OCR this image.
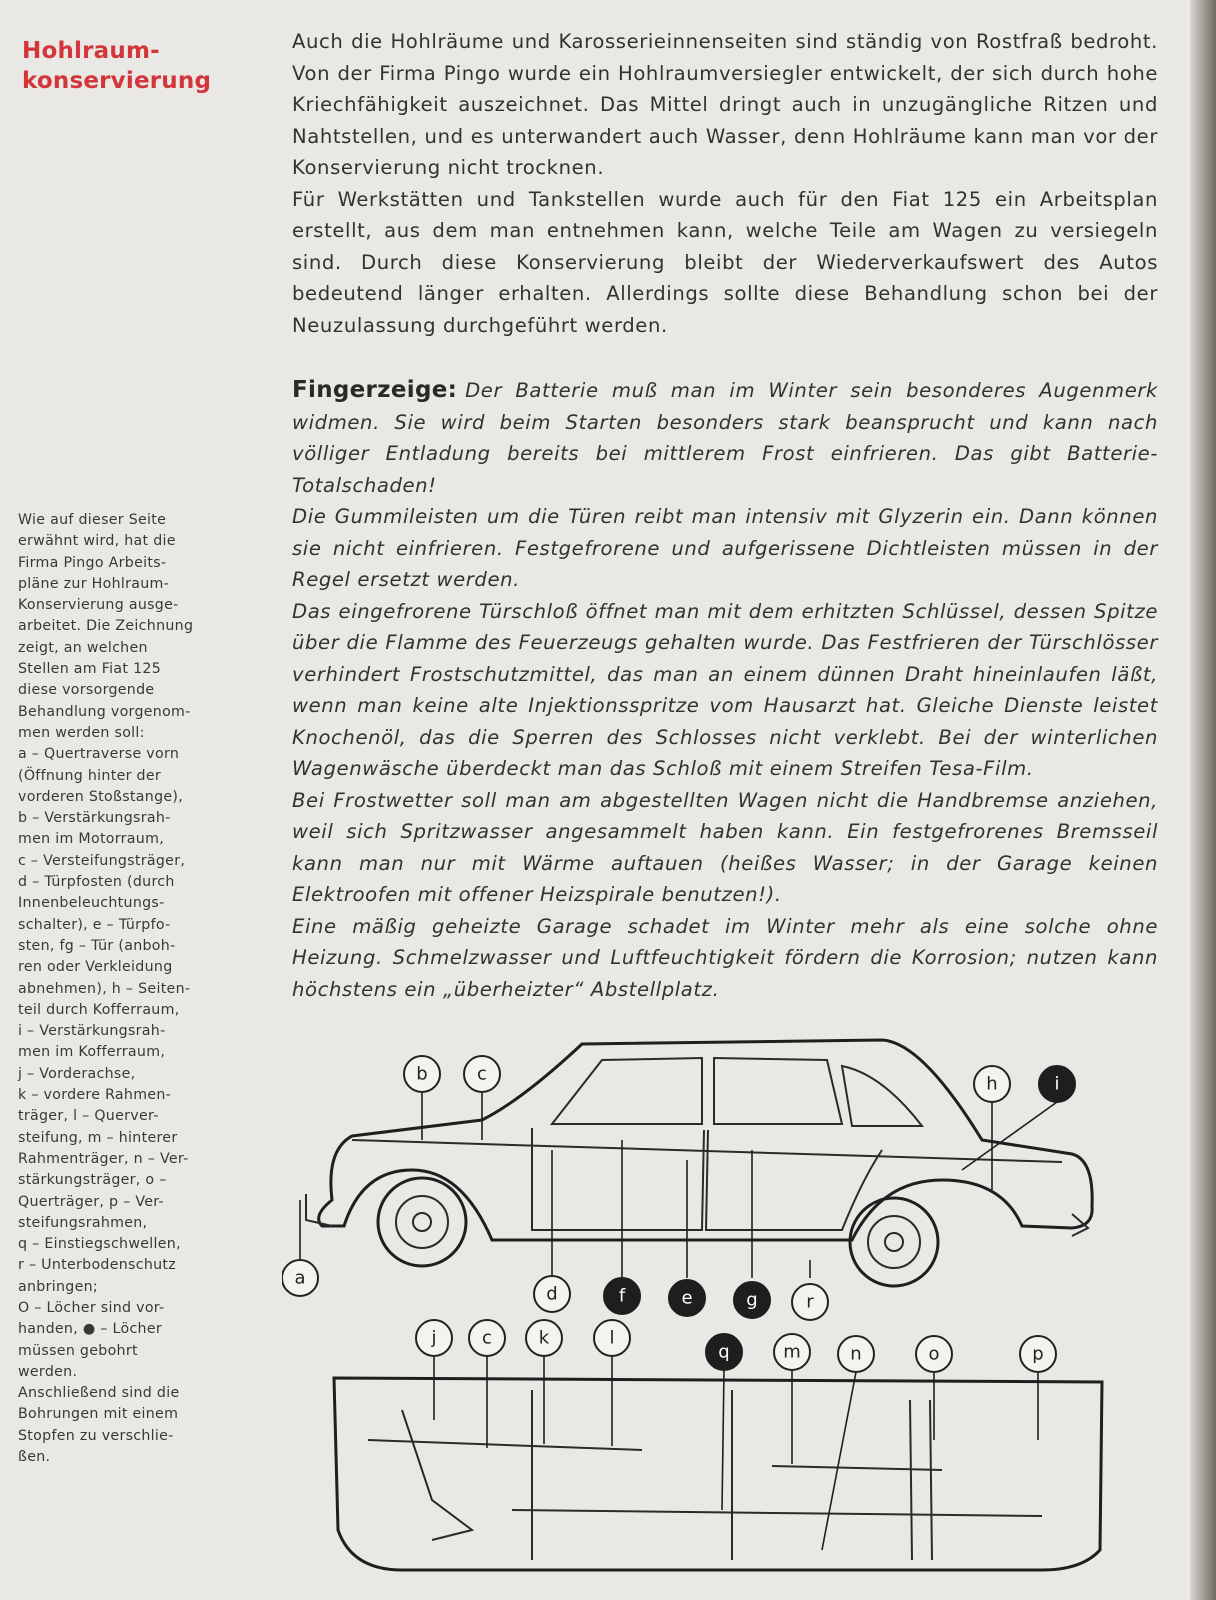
Hohlraum-
konservierung

Wie auf dieser Seite
erwähnt wird, hat die
Firma Pingo Arbeits-
pläne zur Hohlraum-
Konservierung ausge-
arbeitet. Die Zeichnung
zeigt, an welchen
Stellen am Fiat 125
diese vorsorgende
Behandlung vorgenom-
men werden soll:
a – Quertraverse vorn
(Öffnung hinter der
vorderen Stoßstange),
b – Verstärkungsrah-
men im Motorraum,
c – Versteifungsträger,
d – Türpfosten (durch
Innenbeleuchtungs-
schalter), e – Türpfo-
sten, fg – Tür (anboh-
ren oder Verkleidung
abnehmen), h – Seiten-
teil durch Kofferraum,
i – Verstärkungsrah-
men im Kofferraum,
j – Vorderachse,
k – vordere Rahmen-
träger, l – Querver-
steifung, m – hinterer
Rahmenträger, n – Ver-
stärkungsträger, o –
Querträger, p – Ver-
steifungsrahmen,
q – Einstiegschwellen,
r – Unterbodenschutz
anbringen;
O – Löcher sind vor-
handen, ● – Löcher
müssen gebohrt
werden.
Anschließend sind die
Bohrungen mit einem
Stopfen zu verschlie-
ßen.

Auch die Hohlräume und Karosserieinnenseiten sind ständig von Rostfraß bedroht. Von der Firma Pingo wurde ein Hohlraumversiegler entwickelt, der sich durch hohe Kriechfähigkeit auszeichnet. Das Mittel dringt auch in unzugängliche Ritzen und Nahtstellen, und es unterwandert auch Wasser, denn Hohlräume kann man vor der Konservierung nicht trocknen.

Für Werkstätten und Tankstellen wurde auch für den Fiat 125 ein Arbeitsplan erstellt, aus dem man entnehmen kann, welche Teile am Wagen zu versiegeln sind. Durch diese Konservierung bleibt der Wiederverkaufswert des Autos bedeutend länger erhalten. Allerdings sollte diese Behandlung schon bei der Neuzulassung durchgeführt werden.

Fingerzeige: Der Batterie muß man im Winter sein besonderes Augenmerk widmen. Sie wird beim Starten besonders stark beansprucht und kann nach völliger Entladung bereits bei mittlerem Frost einfrieren. Das gibt Batterie-Totalschaden!

Die Gummileisten um die Türen reibt man intensiv mit Glyzerin ein. Dann können sie nicht einfrieren. Festgefrorene und aufgerissene Dichtleisten müssen in der Regel ersetzt werden.

Das eingefrorene Türschloß öffnet man mit dem erhitzten Schlüssel, dessen Spitze über die Flamme des Feuerzeugs gehalten wurde. Das Festfrieren der Türschlösser verhindert Frostschutzmittel, das man an einem dünnen Draht hineinlaufen läßt, wenn man keine alte Injektionsspritze vom Hausarzt hat. Gleiche Dienste leistet Knochenöl, das die Sperren des Schlosses nicht verklebt. Bei der winterlichen Wagenwäsche überdeckt man das Schloß mit einem Streifen Tesa-Film.

Bei Frostwetter soll man am abgestellten Wagen nicht die Handbremse anziehen, weil sich Spritzwasser angesammelt haben kann. Ein festgefrorenes Bremsseil kann man nur mit Wärme auftauen (heißes Wasser; in der Garage keinen Elektroofen mit offener Heizspirale benutzen!).

Eine mäßig geheizte Garage schadet im Winter mehr als eine solche ohne Heizung. Schmelzwasser und Luftfeuchtigkeit fördern die Korrosion; nutzen kann höchstens ein „überheizter“ Abstellplatz.

b	c	h	i
a
d	f	e	g	r
j	c	k	l
q	m	n	o	p
